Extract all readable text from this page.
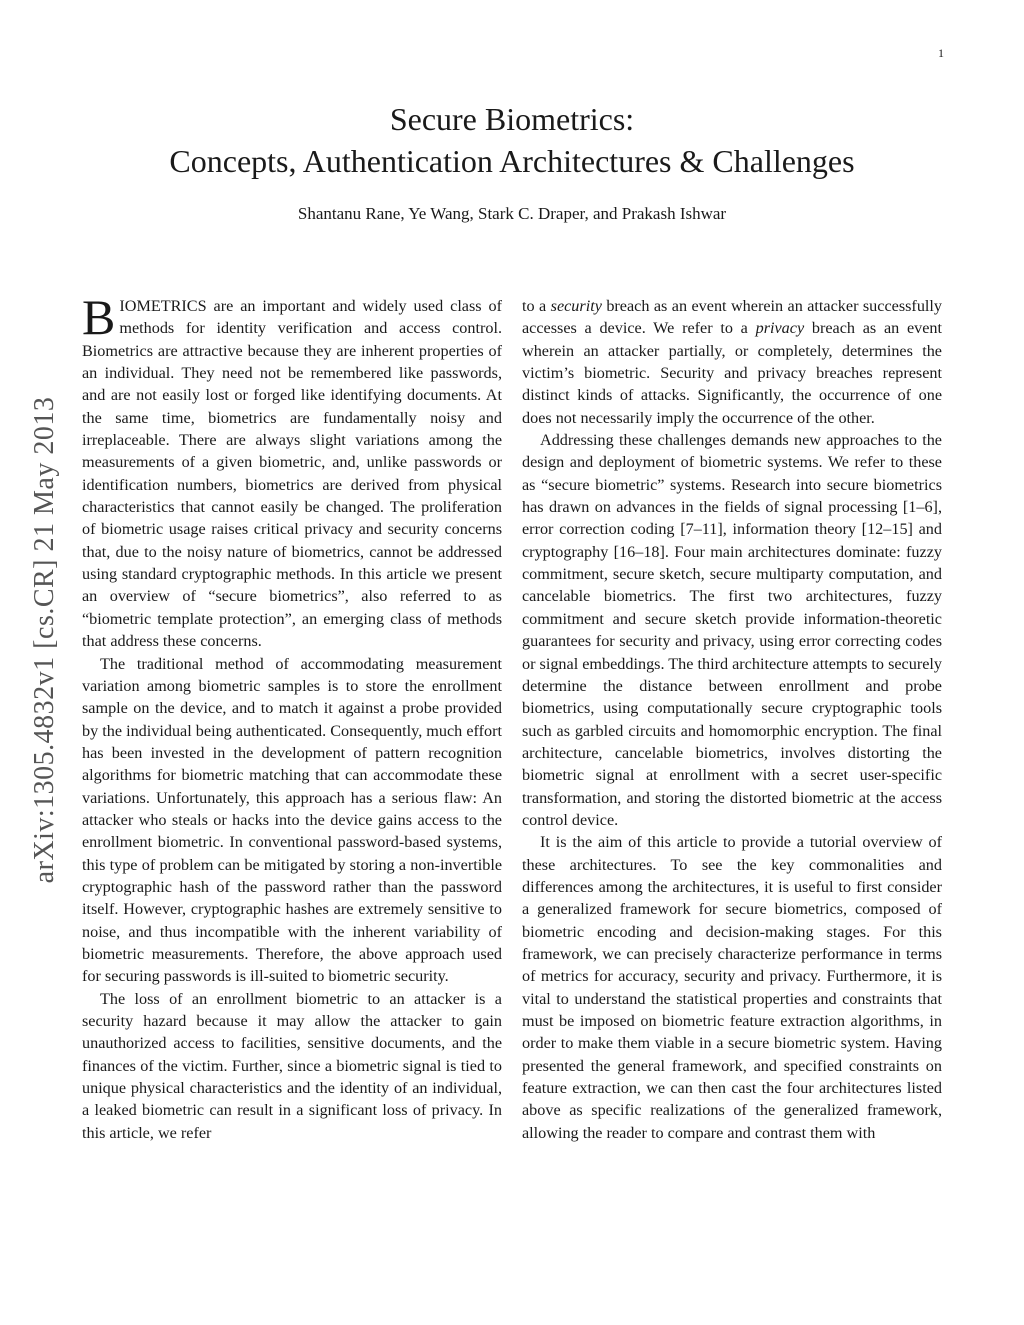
1
arXiv:1305.4832v1 [cs.CR] 21 May 2013
Secure Biometrics:
Concepts, Authentication Architectures & Challenges
Shantanu Rane, Ye Wang, Stark C. Draper, and Prakash Ishwar

BIOMETRICS are an important and widely used class of methods for identity verification and access control. Biometrics are attractive because they are inherent properties of an individual. They need not be remembered like passwords, and are not easily lost or forged like identifying documents. At the same time, biometrics are fundamentally noisy and irreplaceable. There are always slight variations among the measurements of a given biometric, and, unlike passwords or identification numbers, biometrics are derived from physical characteristics that cannot easily be changed. The proliferation of biometric usage raises critical privacy and security concerns that, due to the noisy nature of biometrics, cannot be addressed using standard cryptographic methods. In this article we present an overview of “secure biometrics”, also referred to as “biometric template protection”, an emerging class of methods that address these concerns.

The traditional method of accommodating measurement variation among biometric samples is to store the enrollment sample on the device, and to match it against a probe provided by the individual being authenticated. Consequently, much effort has been invested in the development of pattern recognition algorithms for biometric matching that can accommodate these variations. Unfortunately, this approach has a serious flaw: An attacker who steals or hacks into the device gains access to the enrollment biometric. In conventional password-based systems, this type of problem can be mitigated by storing a non-invertible cryptographic hash of the password rather than the password itself. However, cryptographic hashes are extremely sensitive to noise, and thus incompatible with the inherent variability of biometric measurements. Therefore, the above approach used for securing passwords is ill-suited to biometric security.

The loss of an enrollment biometric to an attacker is a security hazard because it may allow the attacker to gain unauthorized access to facilities, sensitive documents, and the finances of the victim. Further, since a biometric signal is tied to unique physical characteristics and the identity of an individual, a leaked biometric can result in a significant loss of privacy. In this article, we refer

to a security breach as an event wherein an attacker successfully accesses a device. We refer to a privacy breach as an event wherein an attacker partially, or completely, determines the victim’s biometric. Security and privacy breaches represent distinct kinds of attacks. Significantly, the occurrence of one does not necessarily imply the occurrence of the other.

Addressing these challenges demands new approaches to the design and deployment of biometric systems. We refer to these as “secure biometric” systems. Research into secure biometrics has drawn on advances in the fields of signal processing [1–6], error correction coding [7–11], information theory [12–15] and cryptography [16–18]. Four main architectures dominate: fuzzy commitment, secure sketch, secure multiparty computation, and cancelable biometrics. The first two architectures, fuzzy commitment and secure sketch provide information-theoretic guarantees for security and privacy, using error correcting codes or signal embeddings. The third architecture attempts to securely determine the distance between enrollment and probe biometrics, using computationally secure cryptographic tools such as garbled circuits and homomorphic encryption. The final architecture, cancelable biometrics, involves distorting the biometric signal at enrollment with a secret user-specific transformation, and storing the distorted biometric at the access control device.

It is the aim of this article to provide a tutorial overview of these architectures. To see the key commonalities and differences among the architectures, it is useful to first consider a generalized framework for secure biometrics, composed of biometric encoding and decision-making stages. For this framework, we can precisely characterize performance in terms of metrics for accuracy, security and privacy. Furthermore, it is vital to understand the statistical properties and constraints that must be imposed on biometric feature extraction algorithms, in order to make them viable in a secure biometric system. Having presented the general framework, and specified constraints on feature extraction, we can then cast the four architectures listed above as specific realizations of the generalized framework, allowing the reader to compare and contrast them with
